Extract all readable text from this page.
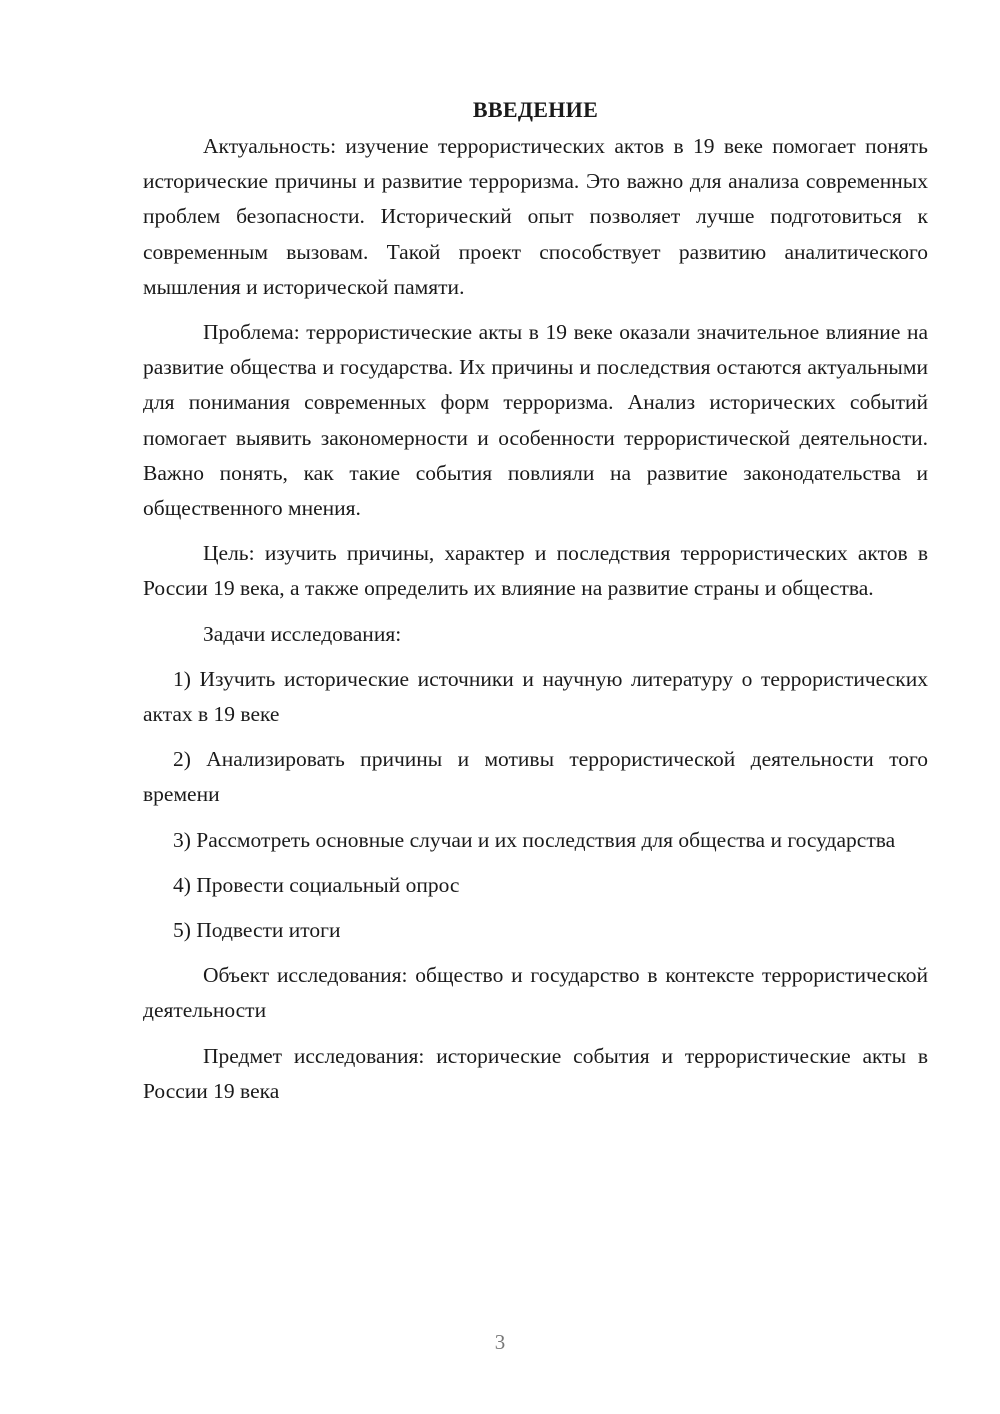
ВВЕДЕНИЕ

Актуальность: изучение террористических актов в 19 веке помогает понять исторические причины и развитие терроризма. Это важно для анализа современных проблем безопасности. Исторический опыт позволяет лучше подготовиться к современным вызовам. Такой проект способствует развитию аналитического мышления и исторической памяти.

Проблема: террористические акты в 19 веке оказали значительное влияние на развитие общества и государства. Их причины и последствия остаются актуальными для понимания современных форм терроризма. Анализ исторических событий помогает выявить закономерности и особенности террористической деятельности. Важно понять, как такие события повлияли на развитие законодательства и общественного мнения.

Цель: изучить причины, характер и последствия террористических актов в России 19 века, а также определить их влияние на развитие страны и общества.

Задачи исследования:

1) Изучить исторические источники и научную литературу о террористических актах в 19 веке

2) Анализировать причины и мотивы террористической деятельности того времени

3) Рассмотреть основные случаи и их последствия для общества и государства

4) Провести социальный опрос

5) Подвести итоги

Объект исследования: общество и государство в контексте террористической деятельности

Предмет исследования: исторические события и террористические акты в России 19 века

3
